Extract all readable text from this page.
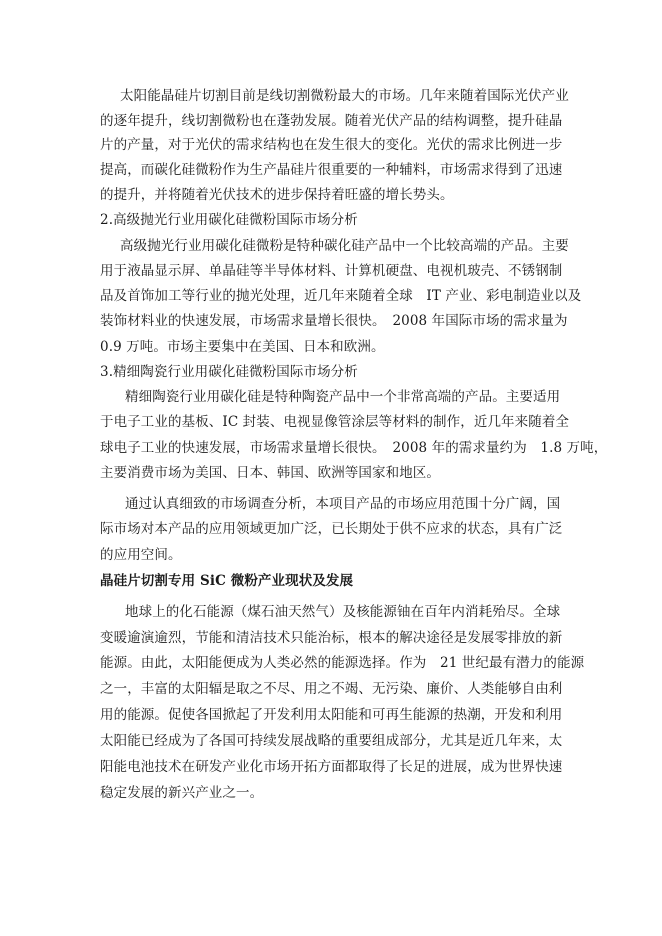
太阳能晶硅片切割目前是线切割微粉最大的市场。几年来随着国际光伏产业
的逐年提升，线切割微粉也在蓬勃发展。随着光伏产品的结构调整，提升硅晶
片的产量，对于光伏的需求结构也在发生很大的变化。光伏的需求比例进一步
提高，而碳化硅微粉作为生产晶硅片很重要的一种辅料，市场需求得到了迅速
的提升，并将随着光伏技术的进步保持着旺盛的增长势头。
2.高级抛光行业用碳化硅微粉国际市场分析
高级抛光行业用碳化硅微粉是特种碳化硅产品中一个比较高端的产品。主要
用于液晶显示屏、单晶硅等半导体材料、计算机硬盘、电视机玻壳、不锈钢制
品及首饰加工等行业的抛光处理，近几年来随着全球　IT 产业、彩电制造业以及
装饰材料业的快速发展，市场需求量增长很快。　2008 年国际市场的需求量为
0.9 万吨。市场主要集中在美国、日本和欧洲。
3.精细陶瓷行业用碳化硅微粉国际市场分析
精细陶瓷行业用碳化硅是特种陶瓷产品中一个非常高端的产品。主要适用
于电子工业的基板、IC 封装、电视显像管涂层等材料的制作，近几年来随着全
球电子工业的快速发展，市场需求量增长很快。　2008 年的需求量约为　1.8 万吨，
主要消费市场为美国、日本、韩国、欧洲等国家和地区。
通过认真细致的市场调查分析，本项目产品的市场应用范围十分广阔，国
际市场对本产品的应用领域更加广泛，已长期处于供不应求的状态，具有广泛
的应用空间。
晶硅片切割专用 SiC 微粉产业现状及发展
地球上的化石能源（煤石油天然气）及核能源铀在百年内消耗殆尽。全球
变暖逾演逾烈，节能和清洁技术只能治标，根本的解决途径是发展零排放的新
能源。由此，太阳能便成为人类必然的能源选择。作为　21 世纪最有潜力的能源
之一，丰富的太阳辐是取之不尽、用之不竭、无污染、廉价、人类能够自由利
用的能源。促使各国掀起了开发利用太阳能和可再生能源的热潮，开发和利用
太阳能已经成为了各国可持续发展战略的重要组成部分，尤其是近几年来，太
阳能电池技术在研发产业化市场开拓方面都取得了长足的进展，成为世界快速
稳定发展的新兴产业之一。
